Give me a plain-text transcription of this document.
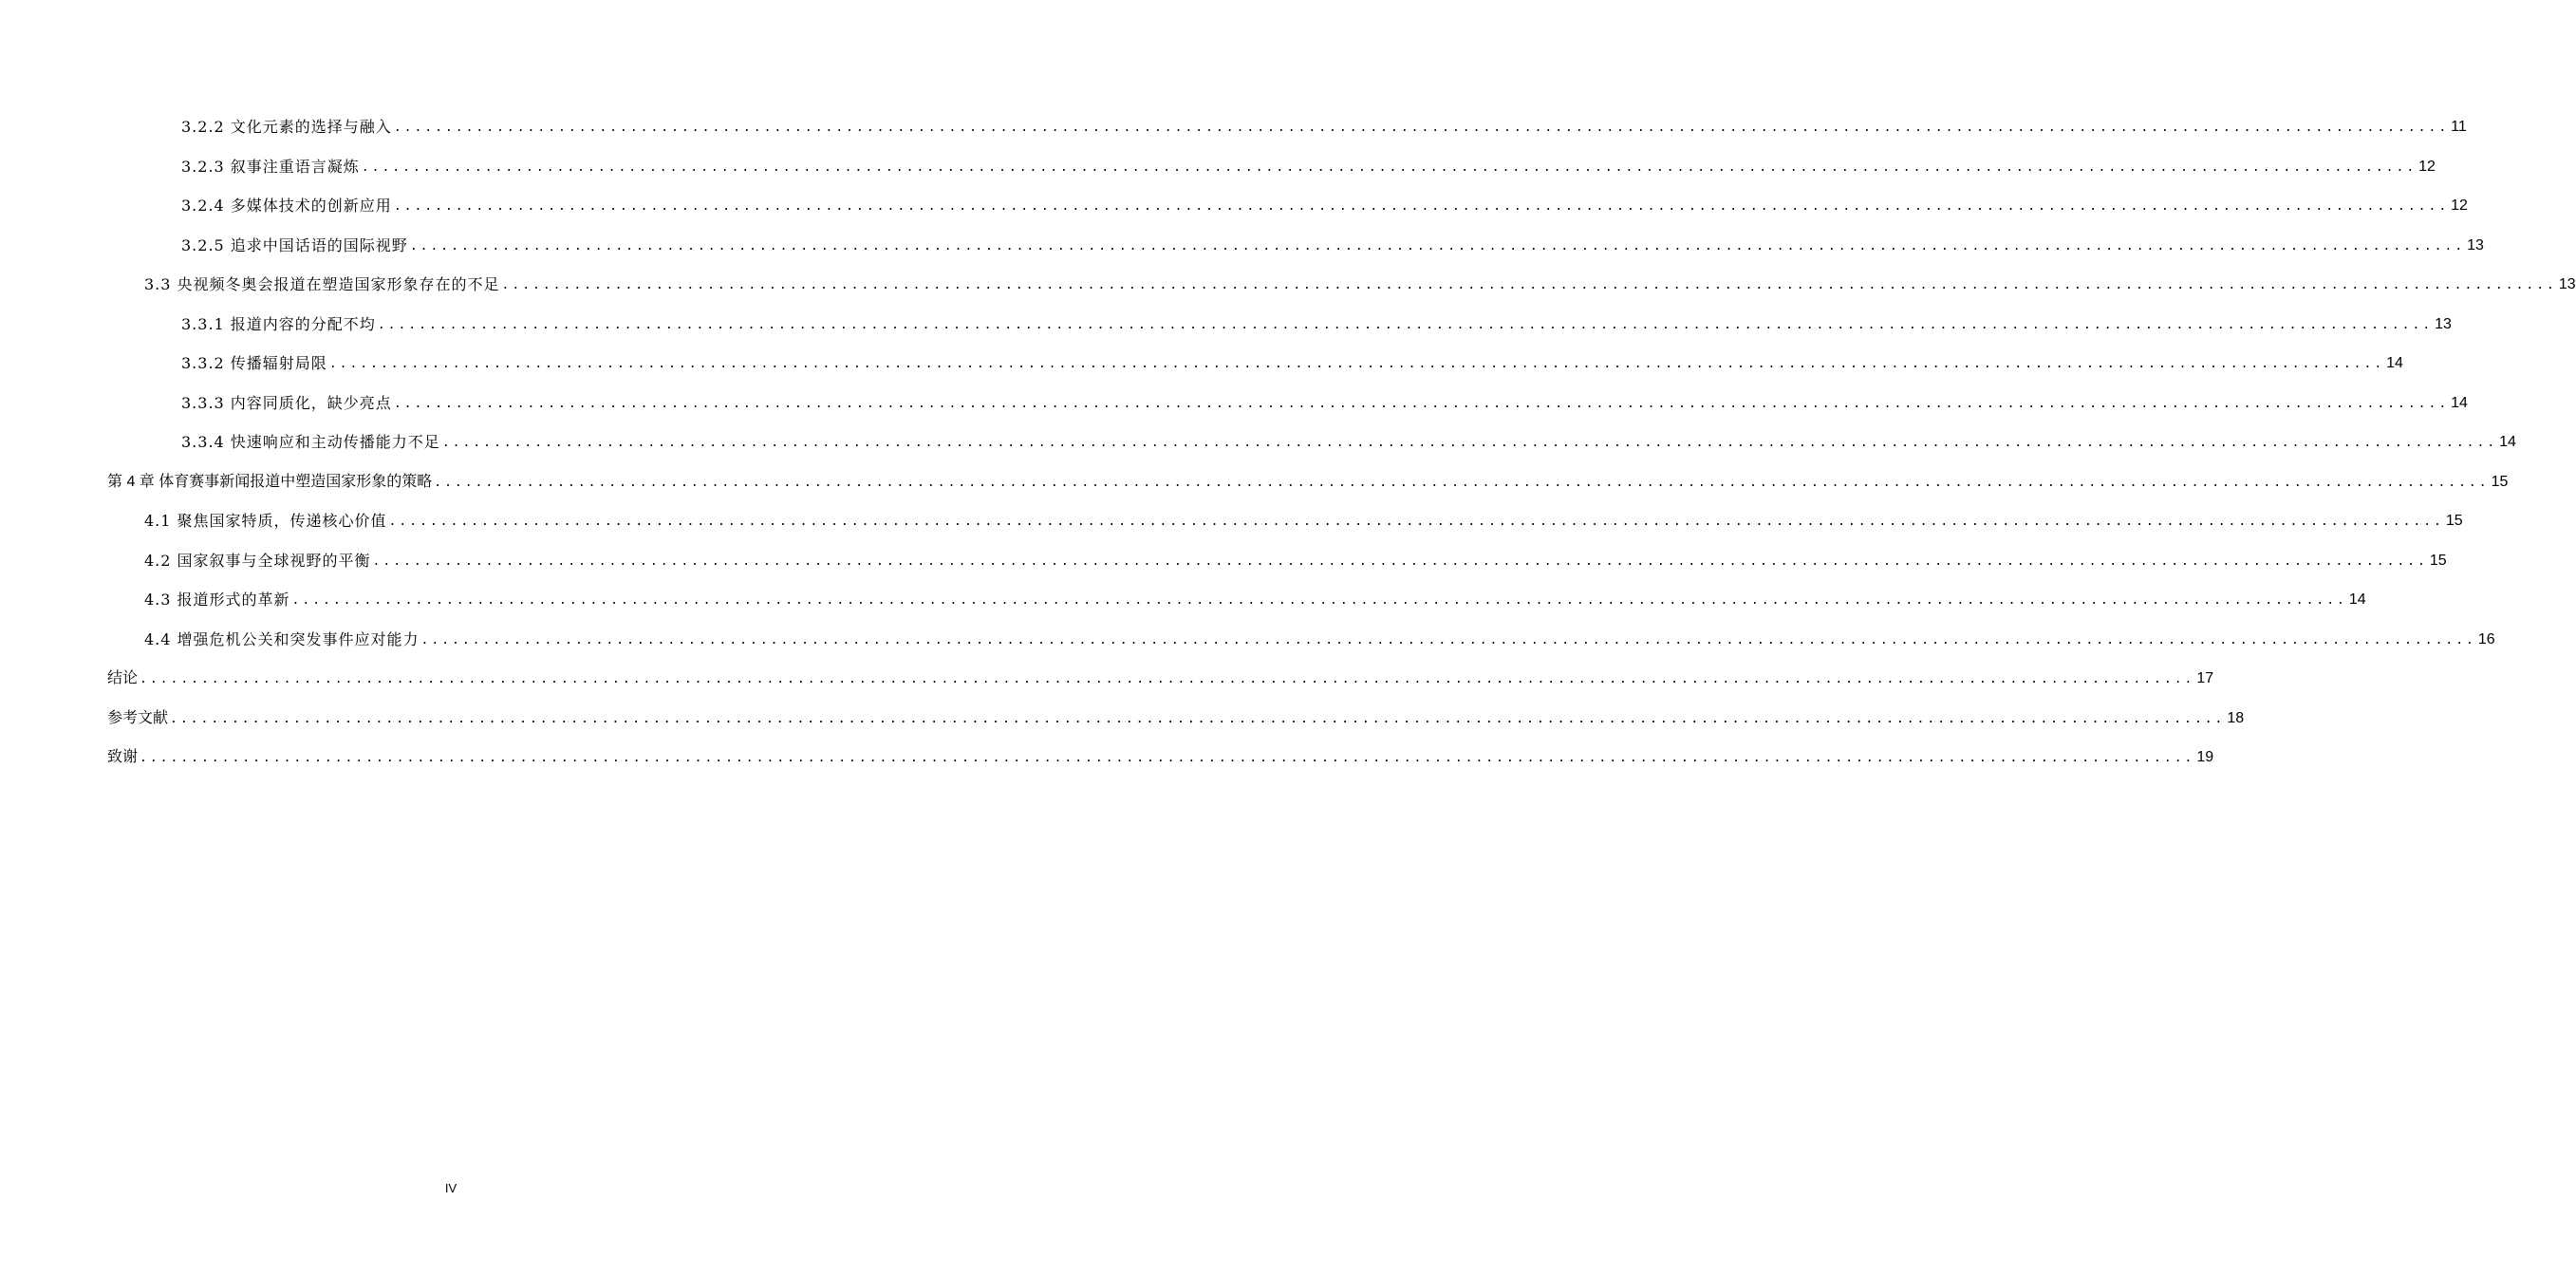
3.2.2 文化元素的选择与融入 ........................................................................................................................................................................................................ 11
3.2.3 叙事注重语言凝炼 ........................................................................................................................................................................................................ 12
3.2.4 多媒体技术的创新应用 ........................................................................................................................................................................................................ 12
3.2.5 追求中国话语的国际视野 ........................................................................................................................................................................................................ 13
3.3 央视频冬奥会报道在塑造国家形象存在的不足 ........................................................................................................................................................................................................ 13
3.3.1 报道内容的分配不均 ........................................................................................................................................................................................................ 13
3.3.2 传播辐射局限 ........................................................................................................................................................................................................ 14
3.3.3 内容同质化，缺少亮点 ........................................................................................................................................................................................................ 14
3.3.4 快速响应和主动传播能力不足 ........................................................................................................................................................................................................ 14
第 4 章 体育赛事新闻报道中塑造国家形象的策略 ........................................................................................................................................................................................................ 15
4.1 聚焦国家特质，传递核心价值 ........................................................................................................................................................................................................ 15
4.2 国家叙事与全球视野的平衡 ........................................................................................................................................................................................................ 15
4.3 报道形式的革新 ........................................................................................................................................................................................................ 14
4.4 增强危机公关和突发事件应对能力 ........................................................................................................................................................................................................ 16
结论 ........................................................................................................................................................................................................ 17
参考文献 ........................................................................................................................................................................................................ 18
致谢 ........................................................................................................................................................................................................ 19
IV
